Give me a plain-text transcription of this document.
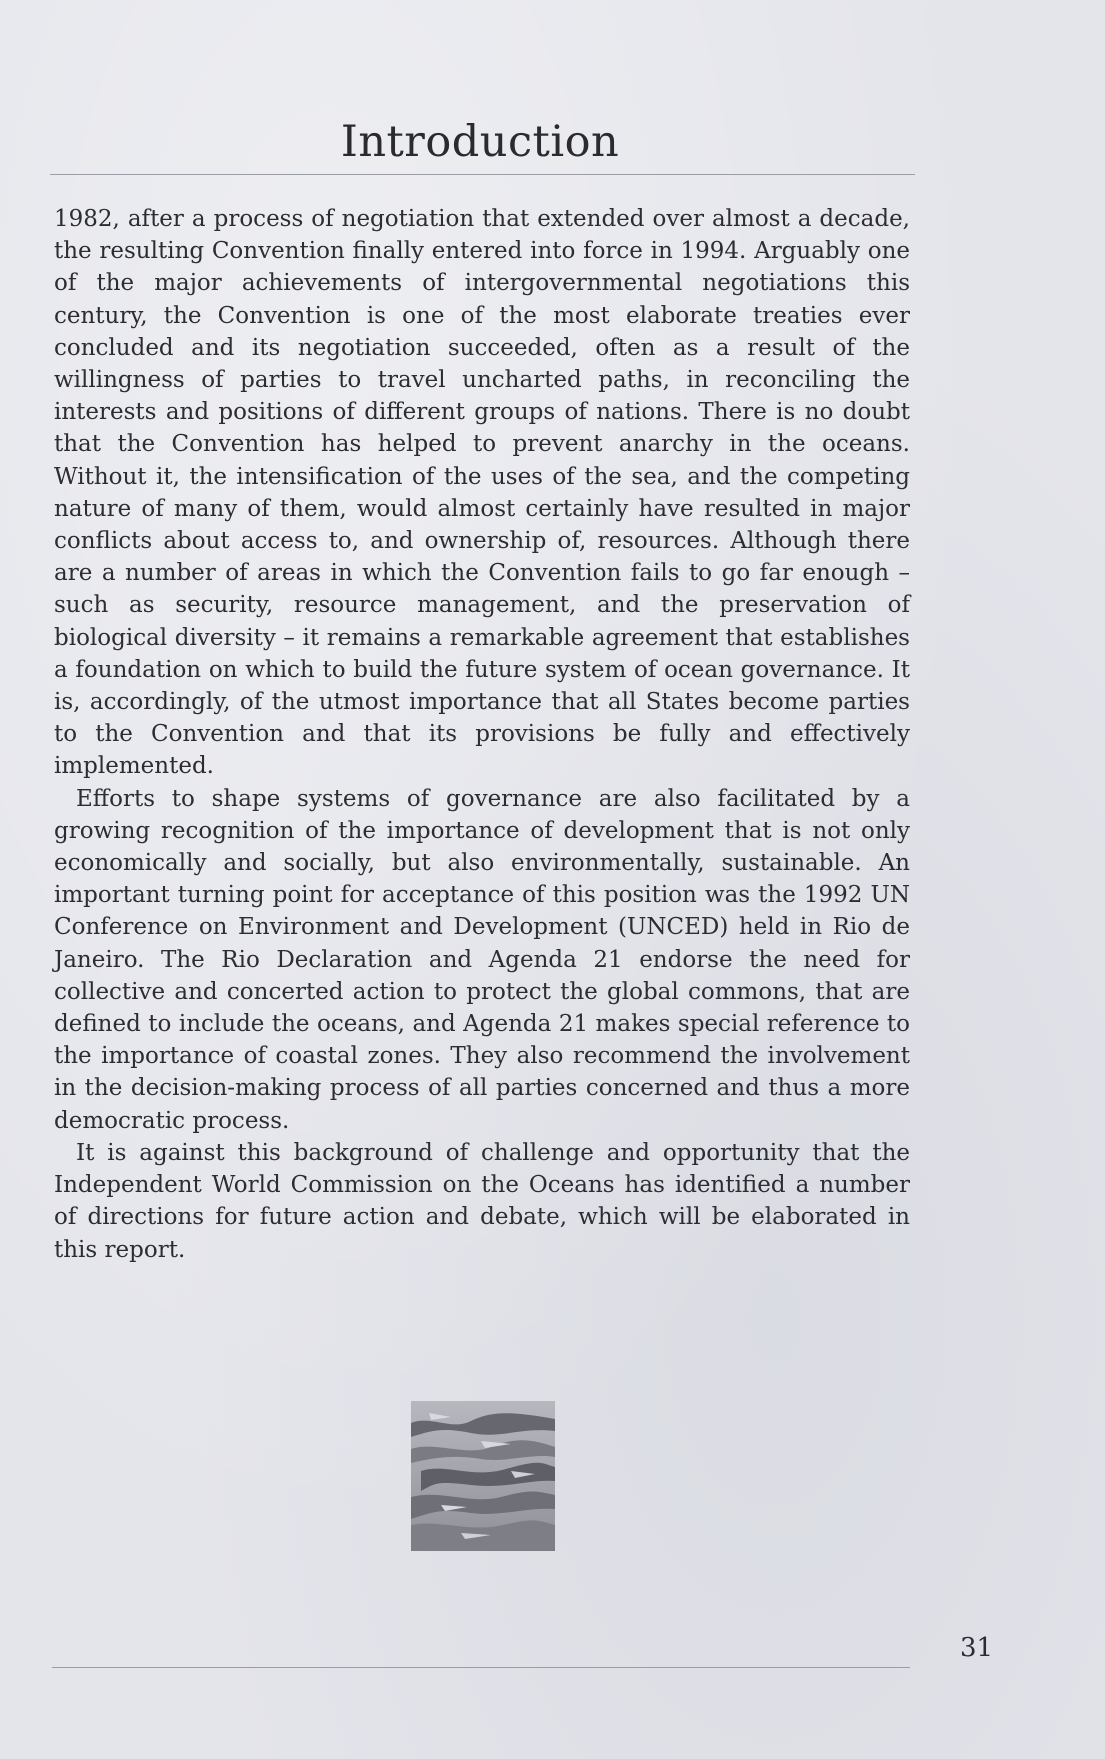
Introduction

1982, after a process of negotiation that extended over almost a decade, the resulting Convention finally entered into force in 1994. Arguably one of the major achievements of intergovernmental negotiations this century, the Convention is one of the most elaborate treaties ever concluded and its negotiation succeeded, often as a result of the willingness of parties to travel uncharted paths, in reconciling the interests and positions of different groups of nations. There is no doubt that the Convention has helped to prevent anarchy in the oceans. Without it, the intensification of the uses of the sea, and the competing nature of many of them, would almost certainly have resulted in major conflicts about access to, and ownership of, resources. Although there are a number of areas in which the Convention fails to go far enough – such as security, resource management, and the preservation of biological diversity – it remains a remarkable agreement that establishes a foundation on which to build the future system of ocean governance. It is, accordingly, of the utmost importance that all States become parties to the Convention and that its provisions be fully and effectively implemented.

Efforts to shape systems of governance are also facilitated by a growing recognition of the importance of development that is not only economically and socially, but also environmentally, sustainable. An important turning point for acceptance of this position was the 1992 UN Conference on Environment and Development (UNCED) held in Rio de Janeiro. The Rio Declaration and Agenda 21 endorse the need for collective and concerted action to protect the global commons, that are defined to include the oceans, and Agenda 21 makes special reference to the importance of coastal zones. They also recommend the involvement in the decision-making process of all parties concerned and thus a more democratic process.

It is against this background of challenge and opportunity that the Independent World Commission on the Oceans has identified a number of directions for future action and debate, which will be elaborated in this report.

31
